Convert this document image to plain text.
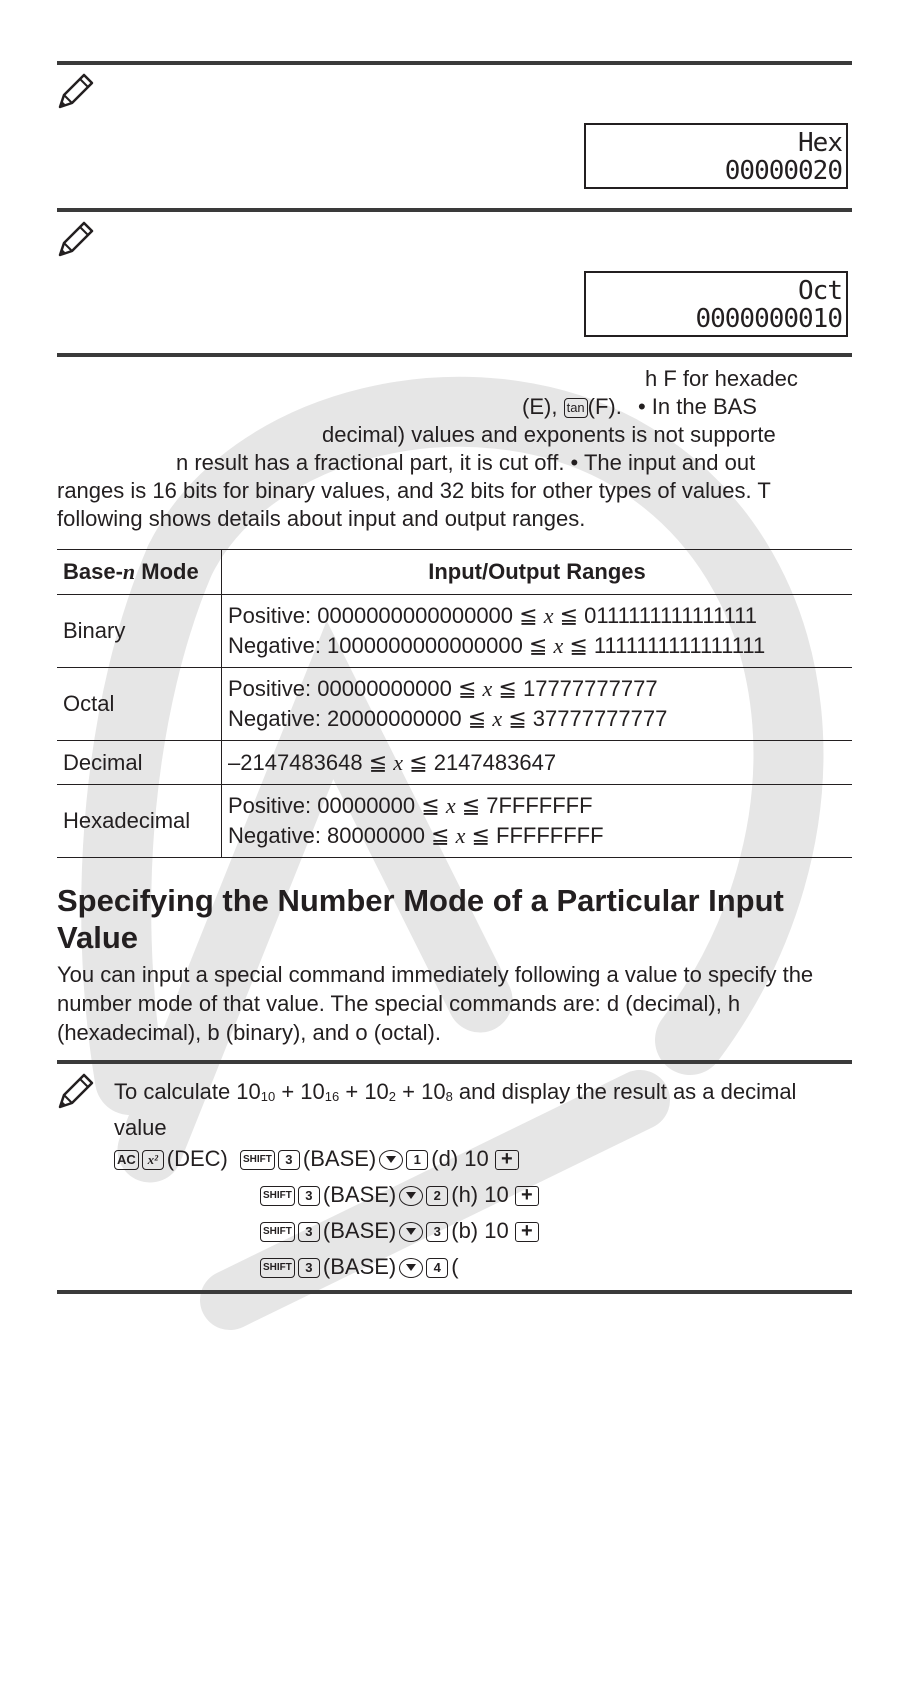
Hex
00000020
Oct
0000000010
h F for hexadec
(E), tan (F). • In the BAS
decimal) values and exponents is not supporte
n result has a fractional part, it is cut off. • The input and out
ranges is 16 bits for binary values, and 32 bits for other types of values. T
following shows details about input and output ranges.
Base-n Mode	Input/Output Ranges
Binary	Positive: 0000000000000000 ≦ x ≦ 0111111111111111
Negative: 1000000000000000 ≦ x ≦ 1111111111111111

Octal	Positive: 00000000000 ≦ x ≦ 17777777777
Negative: 20000000000 ≦ x ≦ 37777777777

Decimal	–2147483648 ≦ x ≦ 2147483647

Hexadecimal	Positive: 00000000 ≦ x ≦ 7FFFFFFF
Negative: 80000000 ≦ x ≦ FFFFFFFF
Specifying the Number Mode of a Particular Input Value
You can input a special command immediately following a value to specify the number mode of that value. The special commands are: d (decimal), h (hexadecimal), b (binary), and o (octal).
To calculate $10_{10} + 10_{16} + 10_2 + 10_8$ and display the result as a decimal value
AC x² (DEC) SHIFT 3 (BASE)	1 (d) 10 +
SHIFT 3 (BASE)	2 (h) 10 +
SHIFT 3 (BASE)	3 (b) 10 +
SHIFT 3 (BASE)	4 (
